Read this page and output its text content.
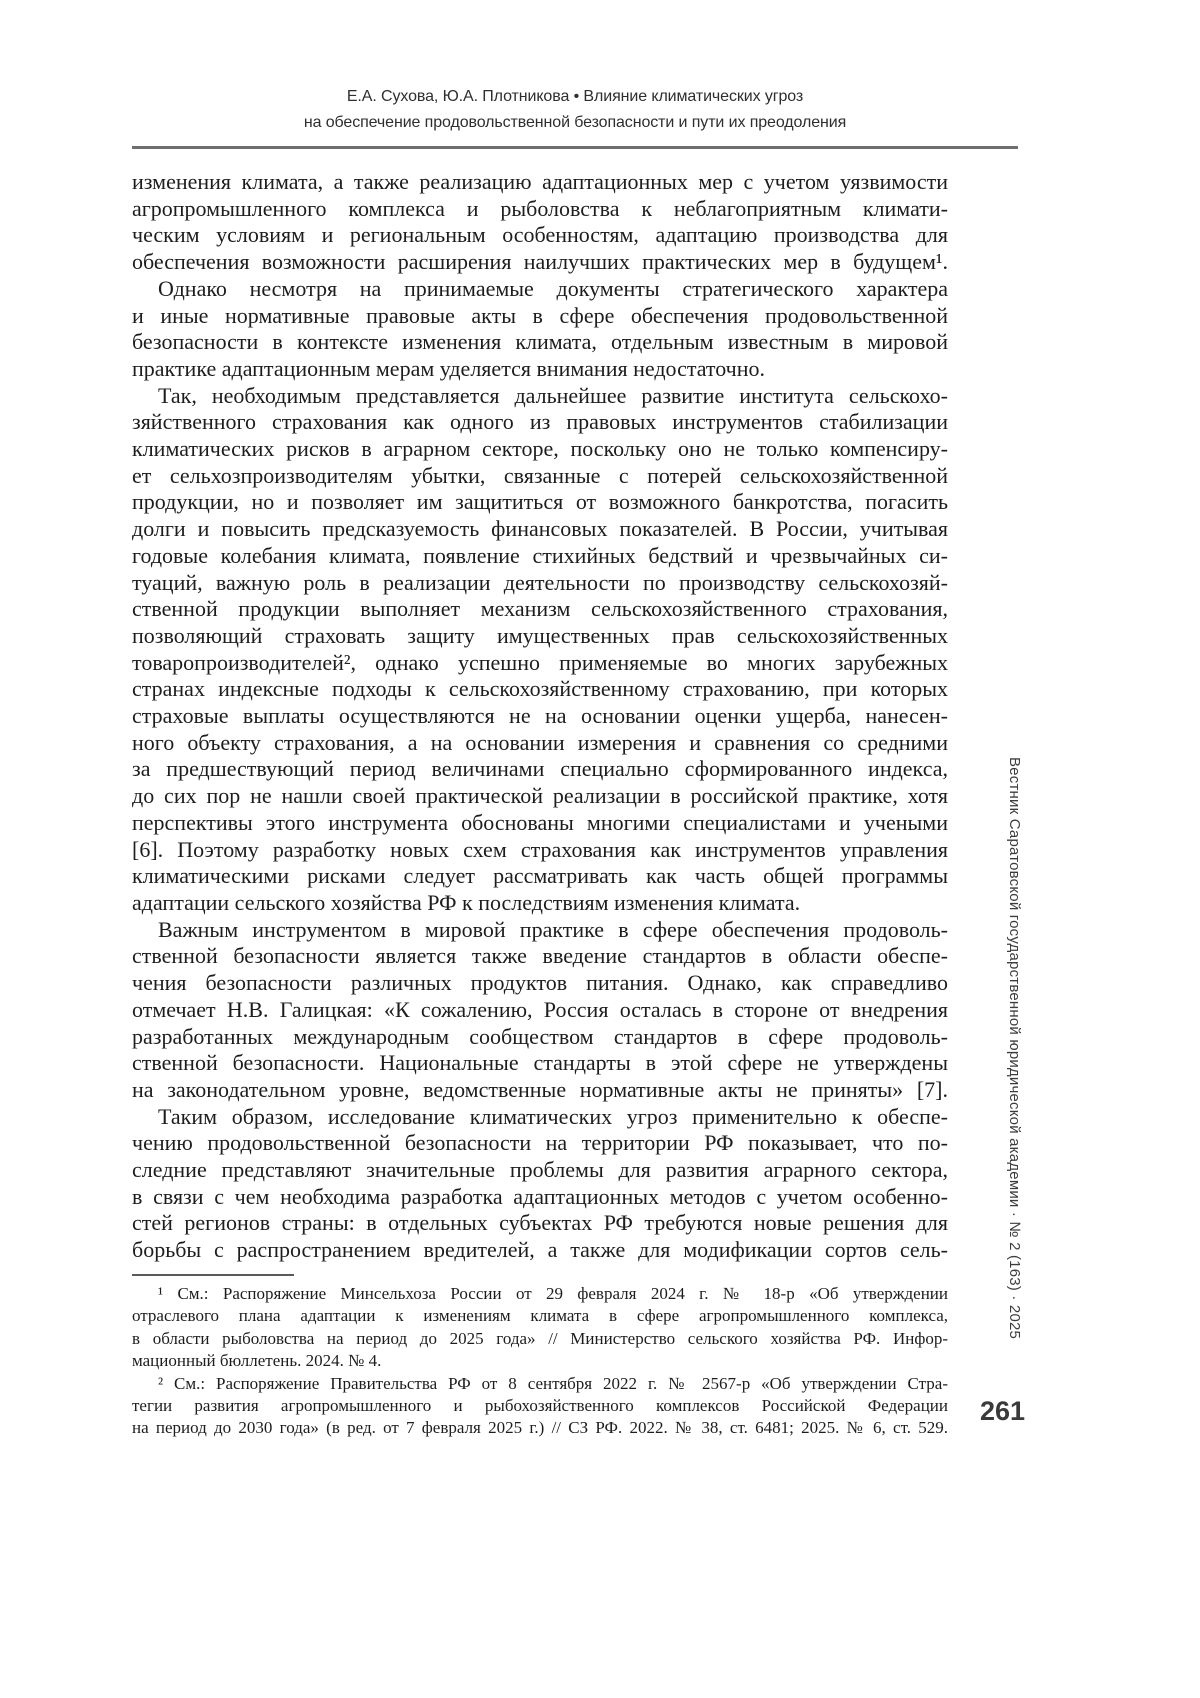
Е.А. Сухова, Ю.А. Плотникова • Влияние климатических угроз
на обеспечение продовольственной безопасности и пути их преодоления
изменения климата, а также реализацию адаптационных мер с учетом уязвимости
агропромышленного комплекса и рыболовства к неблагоприятным климати-
ческим условиям и региональным особенностям, адаптацию производства для
обеспечения возможности расширения наилучших практических мер в будущем¹.
Однако несмотря на принимаемые документы стратегического характера
и иные нормативные правовые акты в сфере обеспечения продовольственной
безопасности в контексте изменения климата, отдельным известным в мировой
практике адаптационным мерам уделяется внимания недостаточно.
Так, необходимым представляется дальнейшее развитие института сельскохо-
зяйственного страхования как одного из правовых инструментов стабилизации
климатических рисков в аграрном секторе, поскольку оно не только компенсиру-
ет сельхозпроизводителям убытки, связанные с потерей сельскохозяйственной
продукции, но и позволяет им защититься от возможного банкротства, погасить
долги и повысить предсказуемость финансовых показателей. В России, учитывая
годовые колебания климата, появление стихийных бедствий и чрезвычайных си-
туаций, важную роль в реализации деятельности по производству сельскохозяй-
ственной продукции выполняет механизм сельскохозяйственного страхования,
позволяющий страховать защиту имущественных прав сельскохозяйственных
товаропроизводителей², однако успешно применяемые во многих зарубежных
странах индексные подходы к сельскохозяйственному страхованию, при которых
страховые выплаты осуществляются не на основании оценки ущерба, нанесен-
ного объекту страхования, а на основании измерения и сравнения со средними
за предшествующий период величинами специально сформированного индекса,
до сих пор не нашли своей практической реализации в российской практике, хотя
перспективы этого инструмента обоснованы многими специалистами и учеными
[6]. Поэтому разработку новых схем страхования как инструментов управления
климатическими рисками следует рассматривать как часть общей программы
адаптации сельского хозяйства РФ к последствиям изменения климата.
Важным инструментом в мировой практике в сфере обеспечения продоволь-
ственной безопасности является также введение стандартов в области обеспе-
чения безопасности различных продуктов питания. Однако, как справедливо
отмечает Н.В. Галицкая: «К сожалению, Россия осталась в стороне от внедрения
разработанных международным сообществом стандартов в сфере продоволь-
ственной безопасности. Национальные стандарты в этой сфере не утверждены
на законодательном уровне, ведомственные нормативные акты не приняты» [7].
Таким образом, исследование климатических угроз применительно к обеспе-
чению продовольственной безопасности на территории РФ показывает, что по-
следние представляют значительные проблемы для развития аграрного сектора,
в связи с чем необходима разработка адаптационных методов с учетом особенно-
стей регионов страны: в отдельных субъектах РФ требуются новые решения для
борьбы с распространением вредителей, а также для модификации сортов сель-
¹ См.: Распоряжение Минсельхоза России от 29 февраля 2024 г. № 18-р «Об утверждении
отраслевого плана адаптации к изменениям климата в сфере агропромышленного комплекса,
в области рыболовства на период до 2025 года» // Министерство сельского хозяйства РФ. Инфор-
мационный бюллетень. 2024. № 4.
² См.: Распоряжение Правительства РФ от 8 сентября 2022 г. № 2567-р «Об утверждении Стра-
тегии развития агропромышленного и рыбохозяйственного комплексов Российской Федерации
на период до 2030 года» (в ред. от 7 февраля 2025 г.) // СЗ РФ. 2022. № 38, ст. 6481; 2025. № 6, ст. 529.
Вестник Саратовской государственной юридической академии · № 2 (163) · 2025
261
